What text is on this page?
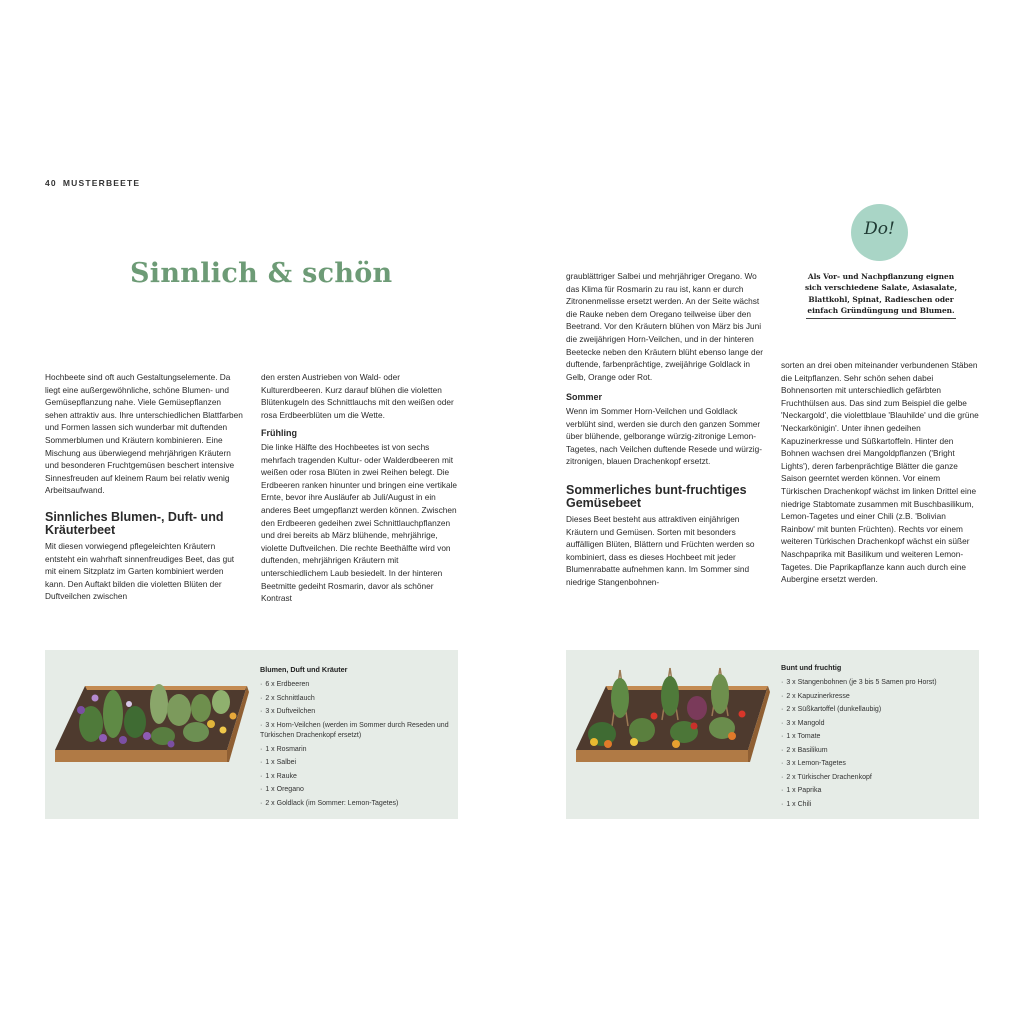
40 MUSTERBEETE
Sinnlich & schön

Hochbeete sind oft auch Gestaltungselemente. Da liegt eine außergewöhnliche, schöne Blumen- und Gemüsepflanzung nahe. Viele Gemüsepflanzen sehen attraktiv aus. Ihre unterschiedlichen Blattfarben und Formen lassen sich wunderbar mit duftenden Sommerblumen und Kräutern kombinieren. Eine Mischung aus überwiegend mehrjährigen Kräutern und besonderen Fruchtgemüsen beschert intensive Sinnesfreuden auf kleinem Raum bei relativ wenig Arbeitsaufwand.

Sinnliches Blumen-, Duft- und Kräuterbeet

Mit diesen vorwiegend pflegeleichten Kräutern entsteht ein wahrhaft sinnenfreudiges Beet, das gut mit einem Sitzplatz im Garten kombiniert werden kann. Den Auftakt bilden die violetten Blüten der Duftveilchen zwischen

den ersten Austrieben von Wald- oder Kulturerdbeeren. Kurz darauf blühen die violetten Blütenkugeln des Schnittlauchs mit den weißen oder rosa Erdbeerblüten um die Wette.

Frühling

Die linke Hälfte des Hochbeetes ist von sechs mehrfach tragenden Kultur- oder Walderdbeeren mit weißen oder rosa Blüten in zwei Reihen belegt. Die Erdbeeren ranken hinunter und bringen eine vertikale Ernte, bevor ihre Ausläufer ab Juli/August in ein anderes Beet umgepflanzt werden können. Zwischen den Erdbeeren gedeihen zwei Schnittlauchpflanzen und drei bereits ab März blühende, mehrjährige, violette Duftveilchen. Die rechte Beethälfte wird von duftenden, mehrjährigen Kräutern mit unterschiedlichem Laub besiedelt. In der hinteren Beetmitte gedeiht Rosmarin, davor als schöner Kontrast

graublättriger Salbei und mehrjähriger Oregano. Wo das Klima für Rosmarin zu rau ist, kann er durch Zitronenmelisse ersetzt werden. An der Seite wächst die Rauke neben dem Oregano teilweise über den Beetrand. Vor den Kräutern blühen von März bis Juni die zweijährigen Horn-Veilchen, und in der hinteren Beetecke neben den Kräutern blüht ebenso lange der duftende, farbenprächtige, zweijährige Goldlack in Gelb, Orange oder Rot.

Sommer

Wenn im Sommer Horn-Veilchen und Goldlack verblüht sind, werden sie durch den ganzen Sommer über blühende, gelborange würzig-zitronige Lemon-Tagetes, nach Veilchen duftende Resede und würzig-zitronigen, blauen Drachenkopf ersetzt.

Sommerliches bunt-fruchtiges Gemüsebeet

Dieses Beet besteht aus attraktiven einjährigen Kräutern und Gemüsen. Sorten mit besonders auffälligen Blüten, Blättern und Früchten werden so kombiniert, dass es dieses Hochbeet mit jeder Blumenrabatte aufnehmen kann. Im Sommer sind niedrige Stangenbohnen-

sorten an drei oben miteinander verbundenen Stäben die Leitpflanzen. Sehr schön sehen dabei Bohnensorten mit unterschiedlich gefärbten Fruchthülsen aus. Das sind zum Beispiel die gelbe 'Neckargold', die violettblaue 'Blauhilde' und die grüne 'Neckarkönigin'. Unter ihnen gedeihen Kapuzinerkresse und Süßkartoffeln. Hinter den Bohnen wachsen drei Mangoldpflanzen ('Bright Lights'), deren farbenprächtige Blätter die ganze Saison geerntet werden können. Vor einem Türkischen Drachenkopf wächst im linken Drittel eine niedrige Stabtomate zusammen mit Buschbasilikum, Lemon-Tagetes und einer Chili (z.B. 'Bolivian Rainbow' mit bunten Früchten). Rechts vor einem weiteren Türkischen Drachenkopf wächst ein süßer Naschpaprika mit Basilikum und weiteren Lemon-Tagetes. Die Paprikapflanze kann auch durch eine Aubergine ersetzt werden.

Do!
Als Vor- und Nachpflanzung eignen sich verschiedene Salate, Asiasalate, Blattkohl, Spinat, Radieschen oder einfach Gründüngung und Blumen.
Blumen, Duft und Kräuter
· 6 x Erdbeeren
· 2 x Schnittlauch
· 3 x Duftveilchen
· 3 x Horn-Veilchen (werden im Sommer durch Reseden und Türkischen Drachenkopf ersetzt)
· 1 x Rosmarin
· 1 x Salbei
· 1 x Rauke
· 1 x Oregano
· 2 x Goldlack (im Sommer: Lemon-Tagetes)
Bunt und fruchtig
· 3 x Stangenbohnen (je 3 bis 5 Samen pro Horst)
· 2 x Kapuzinerkresse
· 2 x Süßkartoffel (dunkellaubig)
· 3 x Mangold
· 1 x Tomate
· 2 x Basilikum
· 3 x Lemon-Tagetes
· 2 x Türkischer Drachenkopf
· 1 x Paprika
· 1 x Chili
